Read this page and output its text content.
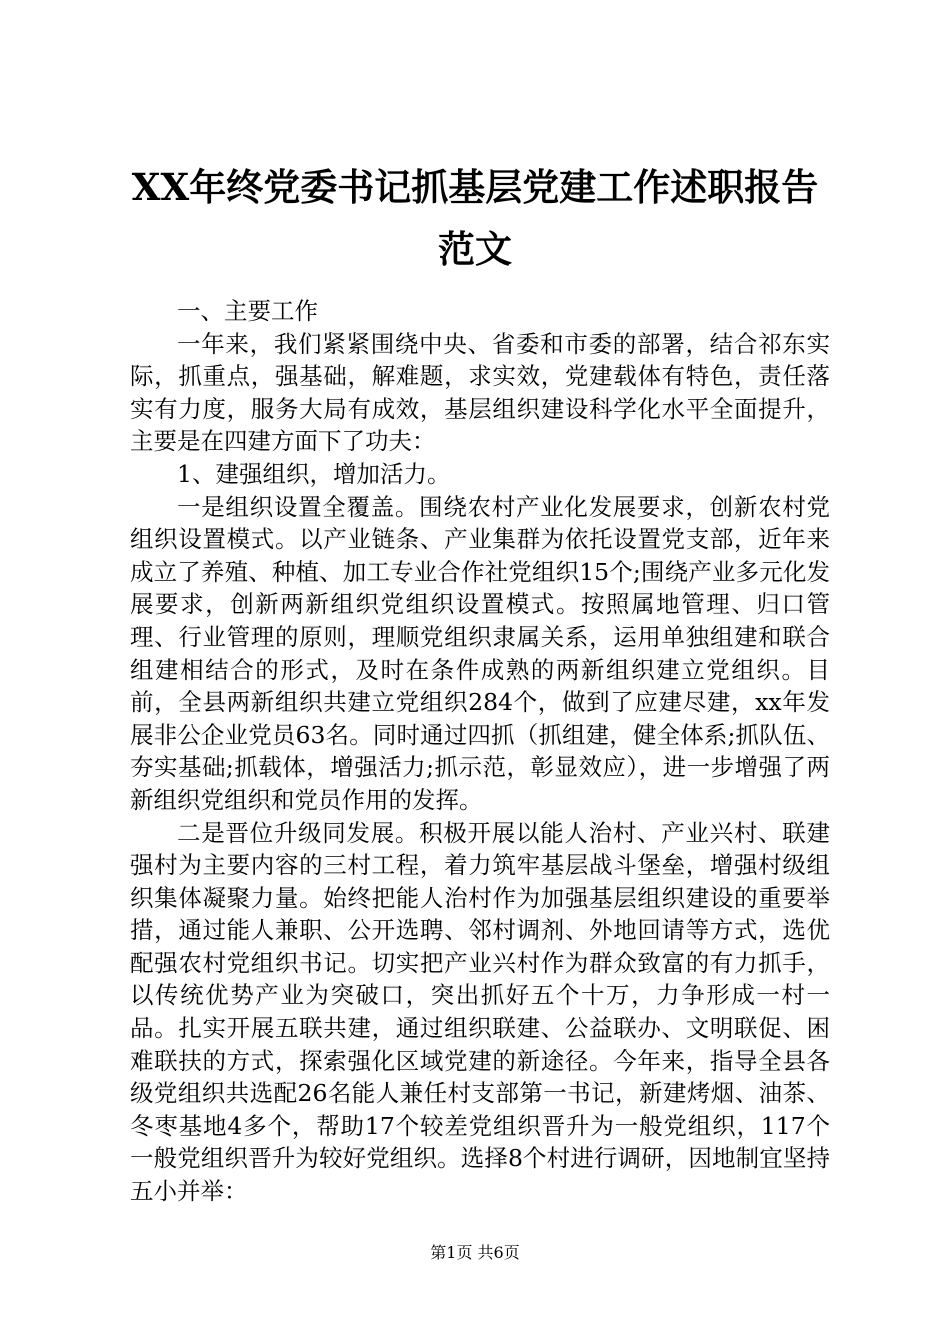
XX年终党委书记抓基层党建工作述职报告范文

一、主要工作

一年来，我们紧紧围绕中央、省委和市委的部署，结合祁东实际，抓重点，强基础，解难题，求实效，党建载体有特色，责任落实有力度，服务大局有成效，基层组织建设科学化水平全面提升，主要是在四建方面下了功夫：

1、建强组织，增加活力。

一是组织设置全覆盖。围绕农村产业化发展要求，创新农村党组织设置模式。以产业链条、产业集群为依托设置党支部，近年来成立了养殖、种植、加工专业合作社党组织15个;围绕产业多元化发展要求，创新两新组织党组织设置模式。按照属地管理、归口管理、行业管理的原则，理顺党组织隶属关系，运用单独组建和联合组建相结合的形式，及时在条件成熟的两新组织建立党组织。目前，全县两新组织共建立党组织284个，做到了应建尽建，xx年发展非公企业党员63名。同时通过四抓（抓组建，健全体系;抓队伍、夯实基础;抓载体，增强活力;抓示范，彰显效应），进一步增强了两新组织党组织和党员作用的发挥。

二是晋位升级同发展。积极开展以能人治村、产业兴村、联建强村为主要内容的三村工程，着力筑牢基层战斗堡垒，增强村级组织集体凝聚力量。始终把能人治村作为加强基层组织建设的重要举措，通过能人兼职、公开选聘、邻村调剂、外地回请等方式，选优配强农村党组织书记。切实把产业兴村作为群众致富的有力抓手，以传统优势产业为突破口，突出抓好五个十万，力争形成一村一品。扎实开展五联共建，通过组织联建、公益联办、文明联促、困难联扶的方式，探索强化区域党建的新途径。今年来，指导全县各级党组织共选配26名能人兼任村支部第一书记，新建烤烟、油茶、冬枣基地4多个，帮助17个较差党组织晋升为一般党组织，117个一般党组织晋升为较好党组织。选择8个村进行调研，因地制宜坚持五小并举：

第1页 共6页
